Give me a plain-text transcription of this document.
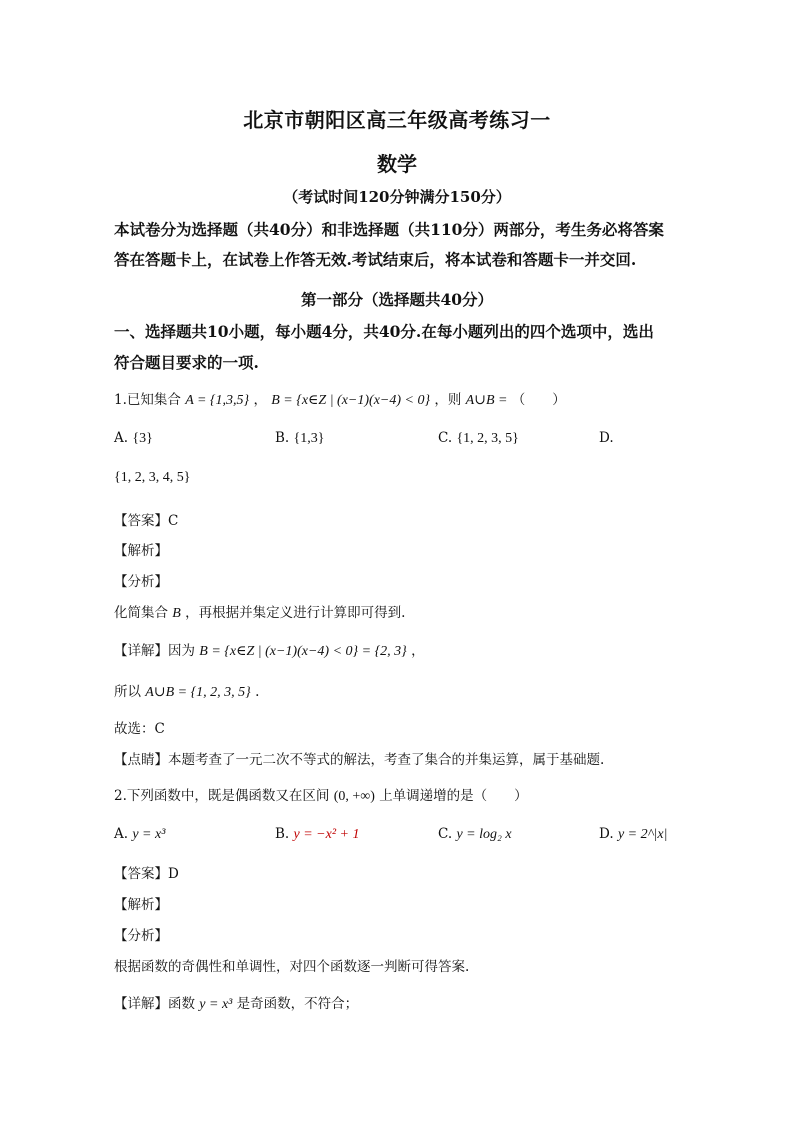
北京市朝阳区高三年级高考练习一
数学
（考试时间120分钟满分150分）
本试卷分为选择题（共40分）和非选择题（共110分）两部分，考生务必将答案
答在答题卡上，在试卷上作答无效.考试结束后，将本试卷和答题卡一并交回.
第一部分（选择题共40分）
一、选择题共10小题，每小题4分，共40分.在每小题列出的四个选项中，选出
符合题目要求的一项.
1.已知集合 A = {1,3,5} ， B = {x∈Z | (x−1)(x−4) < 0} ，则 A∪B = （　　）
A. {3}	B. {1,3}	C. {1, 2, 3, 5}	D.
{1, 2, 3, 4, 5}
【答案】C
【解析】
【分析】
化简集合 B ，再根据并集定义进行计算即可得到.
【详解】因为 B = {x∈Z | (x−1)(x−4) < 0} = {2, 3} ，
所以 A∪B = {1, 2, 3, 5} .
故选：C
【点睛】本题考查了一元二次不等式的解法，考查了集合的并集运算，属于基础题.
2.下列函数中，既是偶函数又在区间 (0, +∞) 上单调递增的是（　　）
A. y = x³	B. y = −x² + 1	C. y = log₂ x	D. y = 2^|x|
【答案】D
【解析】
【分析】
根据函数的奇偶性和单调性，对四个函数逐一判断可得答案.
【详解】函数 y = x³ 是奇函数，不符合；
